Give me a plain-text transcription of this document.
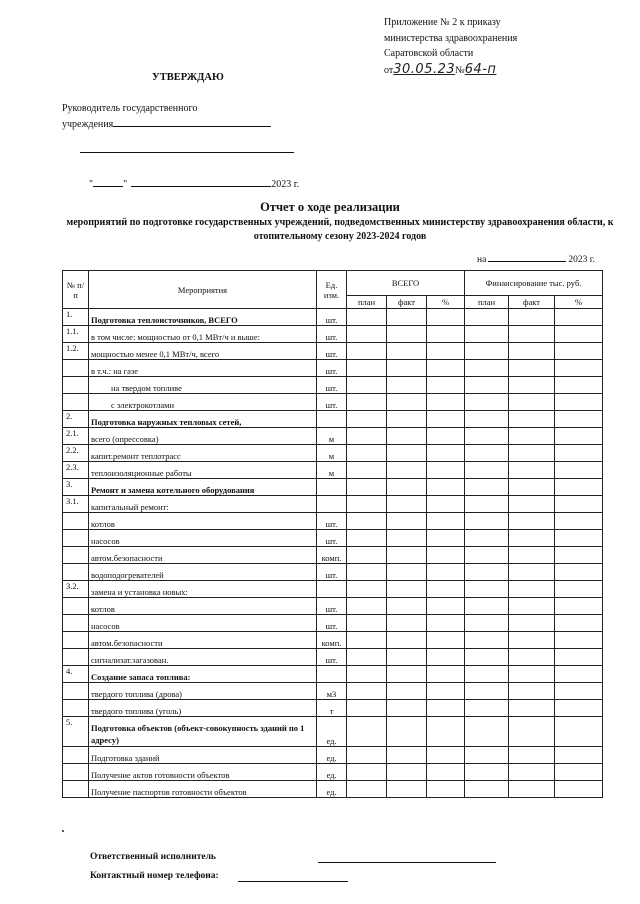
Приложение № 2 к приказу
министерства здравоохранения
Саратовской области
от30.05.23№64-п
УТВЕРЖДАЮ
Руководитель государственного
учреждения
"	"	2023 г.
Отчет о ходе реализации
мероприятий по подготовке государственных учреждений, подведомственных министерству здравоохранения области, к отопительному сезону 2023-2024 годов
на	2023 г.
№ п/п	Мероприятия	Ед. изм.	ВСЕГО			Финансирование тыс. руб.		
			план	факт	%	план	факт	%
1.	Подготовка теплоисточников, ВСЕГО	шт.						
1.1.	в том числе: мощностью от 0,1 МВт/ч и выше:	шт.						
1.2.	мощностью менее 0,1 МВт/ч, всего	шт.						
	в т.ч.: на газе	шт.						
	на твердом топливе	шт.						
	с электрокотлами	шт.						
2.	Подготовка наружных тепловых сетей,							
2.1.	всего (опрессовка)	м						
2.2.	капит.ремонт теплотрасс	м						
2.3.	теплоизоляционные работы	м						
3.	Ремонт и замена котельного оборудования							
3.1.	капитальный ремонт:							
	котлов	шт.						
	насосов	шт.						
	автом.безопасности	комп.						
	водоподогревателей	шт.						
3.2.	замена и установка новых:							
	котлов	шт.						
	насосов	шт.						
	автом.безопасности	комп.						
	сигнализат.загазован.	шт.						
4.	Создание запаса топлива:							
	твердого топлива (дрова)	м3						
	твердого топлива (уголь)	т						
5.	Подготовка объектов (объект-совокупность зданий по 1 адресу)	ед.						
	Подготовка зданий	ед.						
	Получение актов готовности объектов	ед.						
	Получение паспортов готовности объектов	ед.						
Ответственный исполнитель
Контактный номер телефона:
